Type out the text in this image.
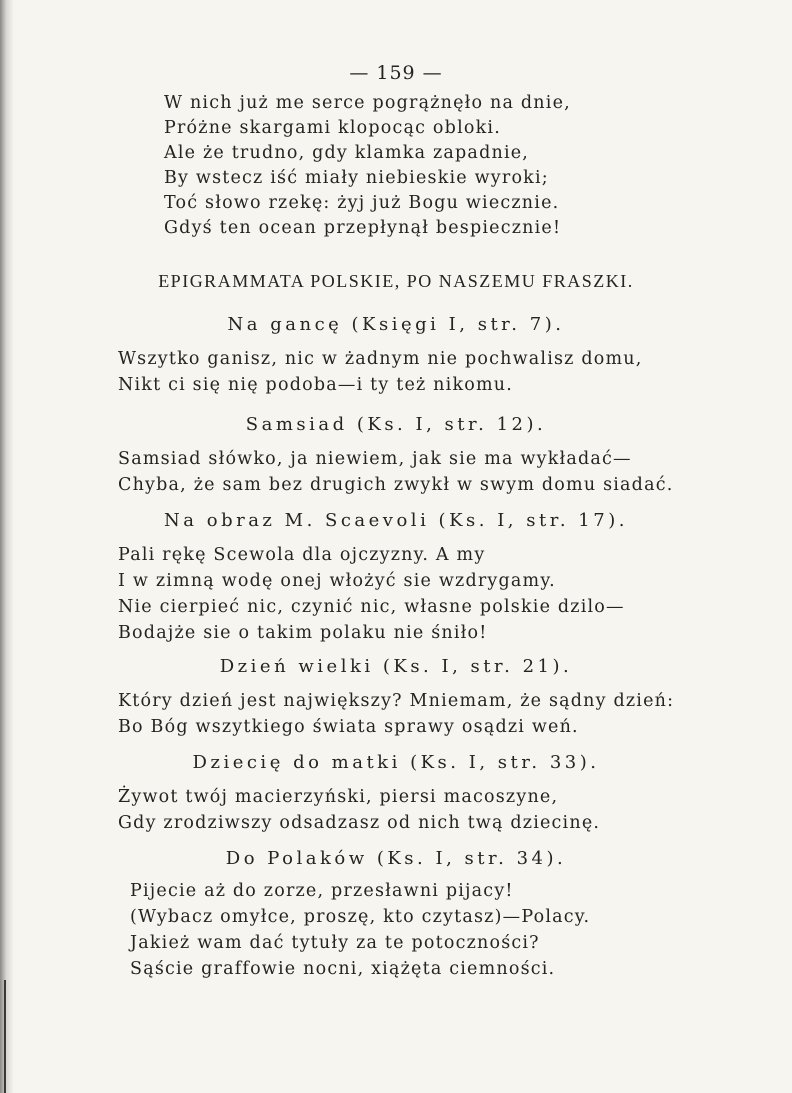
— 159 —
W nich już me serce pogrążnęło na dnie,
Próżne skargami klopocąc obloki.
Ale że trudno, gdy klamka zapadnie,
By wstecz iść miały niebieskie wyroki;
Toć słowo rzekę: żyj już Bogu wiecznie.
Gdyś ten ocean przepłynął bespiecznie!
EPIGRAMMATA POLSKIE, PO NASZEMU FRASZKI.
Na gancę (Księgi I, str. 7).
Wszytko ganisz, nic w żadnym nie pochwalisz domu,
Nikt ci się nię podoba—i ty też nikomu.
Samsiad (Ks. I, str. 12).
Samsiad słówko, ja niewiem, jak sie ma wykładać—
Chyba, że sam bez drugich zwykł w swym domu siadać.
Na obraz M. Scaevoli (Ks. I, str. 17).
Pali rękę Scewola dla ojczyzny. A my
I w zimną wodę onej włożyć sie wzdrygamy.
Nie cierpieć nic, czynić nic, własne polskie dzilo—
Bodajże sie o takim polaku nie śniło!
Dzień wielki (Ks. I, str. 21).
Który dzień jest największy? Mniemam, że sądny dzień:
Bo Bóg wszytkiego świata sprawy osądzi weń.
Dziecię do matki (Ks. I, str. 33).
Żywot twój macierzyński, piersi macoszyne,
Gdy zrodziwszy odsadzasz od nich twą dziecinę.
Do Polaków (Ks. I, str. 34).
Pijecie aż do zorze, przesławni pijacy!
(Wybacz omyłce, proszę, kto czytasz)—Polacy.
Jakież wam dać tytuły za te potoczności?
Sąście graffowie nocni, xiążęta ciemności.
